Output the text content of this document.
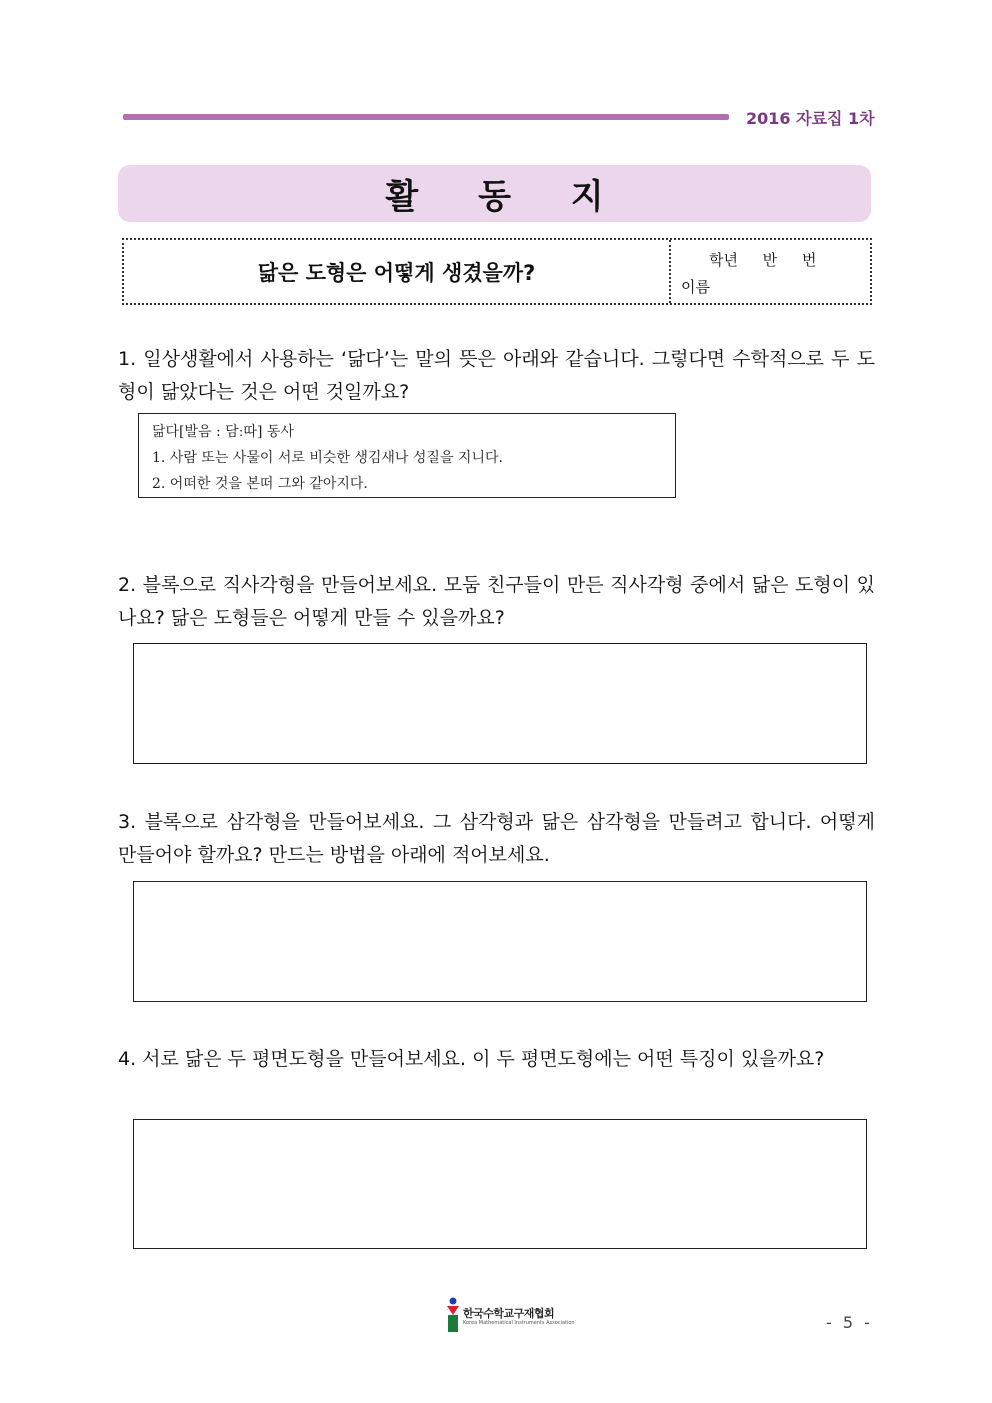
2016 자료집 1차
활 동 지
닮은 도형은 어떻게 생겼을까?
학년 반 번
이름
1. 일상생활에서 사용하는 ‘닮다’는 말의 뜻은 아래와 같습니다. 그렇다면 수학적으로 두 도형이 닮았다는 것은 어떤 것일까요?
닮다[발음 : 담ː따] 동사
1. 사람 또는 사물이 서로 비슷한 생김새나 성질을 지니다.
2. 어떠한 것을 본떠 그와 같아지다.
2. 블록으로 직사각형을 만들어보세요. 모둠 친구들이 만든 직사각형 중에서 닮은 도형이 있나요? 닮은 도형들은 어떻게 만들 수 있을까요?
3. 블록으로 삼각형을 만들어보세요. 그 삼각형과 닮은 삼각형을 만들려고 합니다. 어떻게 만들어야 할까요? 만드는 방법을 아래에 적어보세요.
4. 서로 닮은 두 평면도형을 만들어보세요. 이 두 평면도형에는 어떤 특징이 있을까요?
한국수학교구재협회
Korea Mathematical Instruments Association	- 5 -
